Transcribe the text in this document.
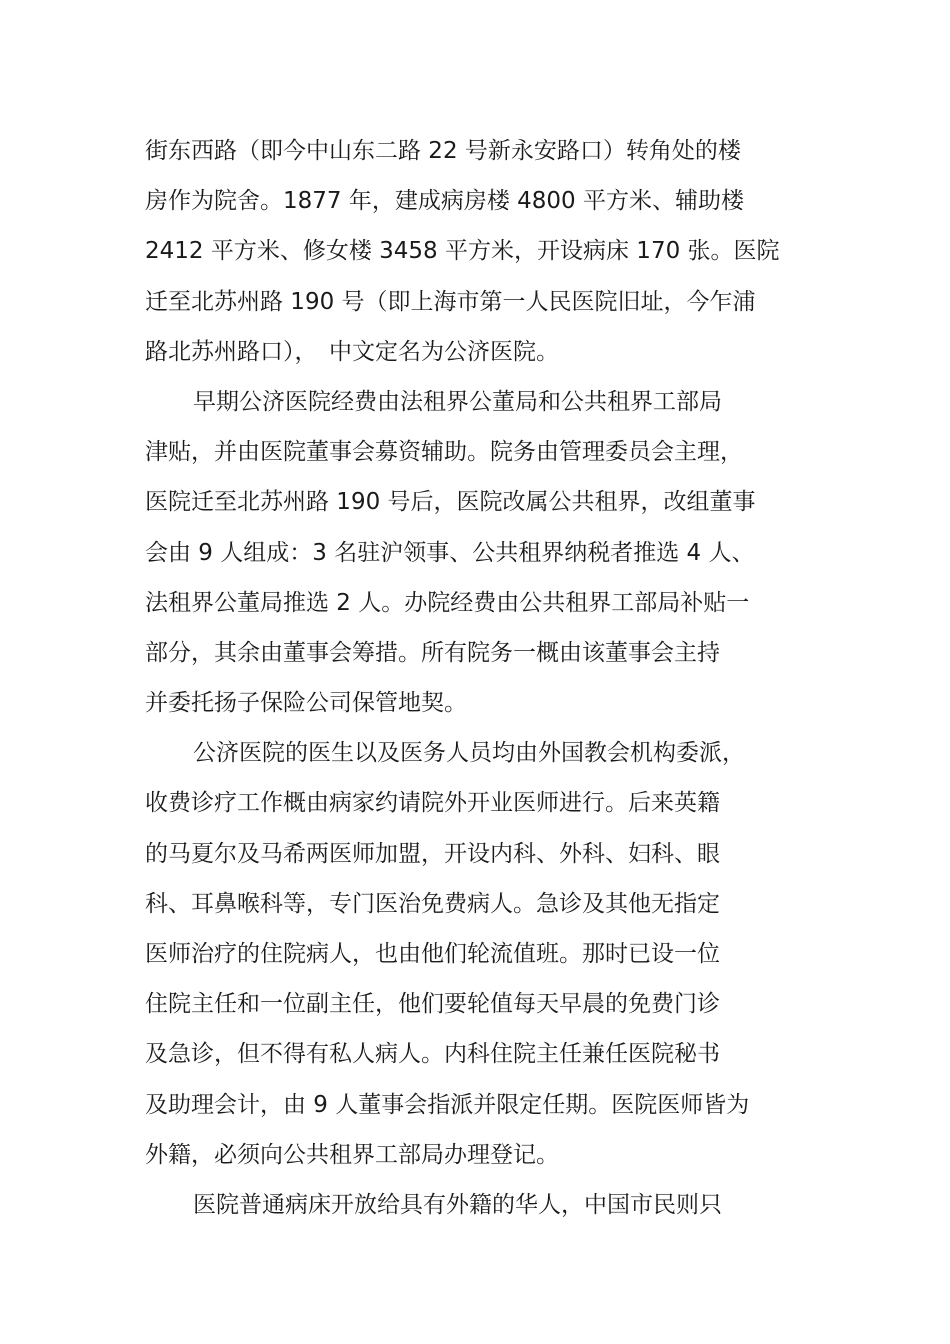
街东西路（即今中山东二路 22 号新永安路口）转角处的楼
房作为院舍。1877 年，建成病房楼 4800 平方米、辅助楼
2412 平方米、修女楼 3458 平方米，开设病床 170 张。医院
迁至北苏州路 190 号（即上海市第一人民医院旧址，今乍浦
路北苏州路口），　中文定名为公济医院。
早期公济医院经费由法租界公董局和公共租界工部局
津贴，并由医院董事会募资辅助。院务由管理委员会主理，
医院迁至北苏州路 190 号后，医院改属公共租界，改组董事
会由 9 人组成：3 名驻沪领事、公共租界纳税者推选 4 人、
法租界公董局推选 2 人。办院经费由公共租界工部局补贴一
部分，其余由董事会筹措。所有院务一概由该董事会主持
并委托扬子保险公司保管地契。
公济医院的医生以及医务人员均由外国教会机构委派，
收费诊疗工作概由病家约请院外开业医师进行。后来英籍
的马夏尔及马希两医师加盟，开设内科、外科、妇科、眼
科、耳鼻喉科等，专门医治免费病人。急诊及其他无指定
医师治疗的住院病人，也由他们轮流值班。那时已设一位
住院主任和一位副主任，他们要轮值每天早晨的免费门诊
及急诊，但不得有私人病人。内科住院主任兼任医院秘书
及助理会计，由 9 人董事会指派并限定任期。医院医师皆为
外籍，必须向公共租界工部局办理登记。
医院普通病床开放给具有外籍的华人，中国市民则只
